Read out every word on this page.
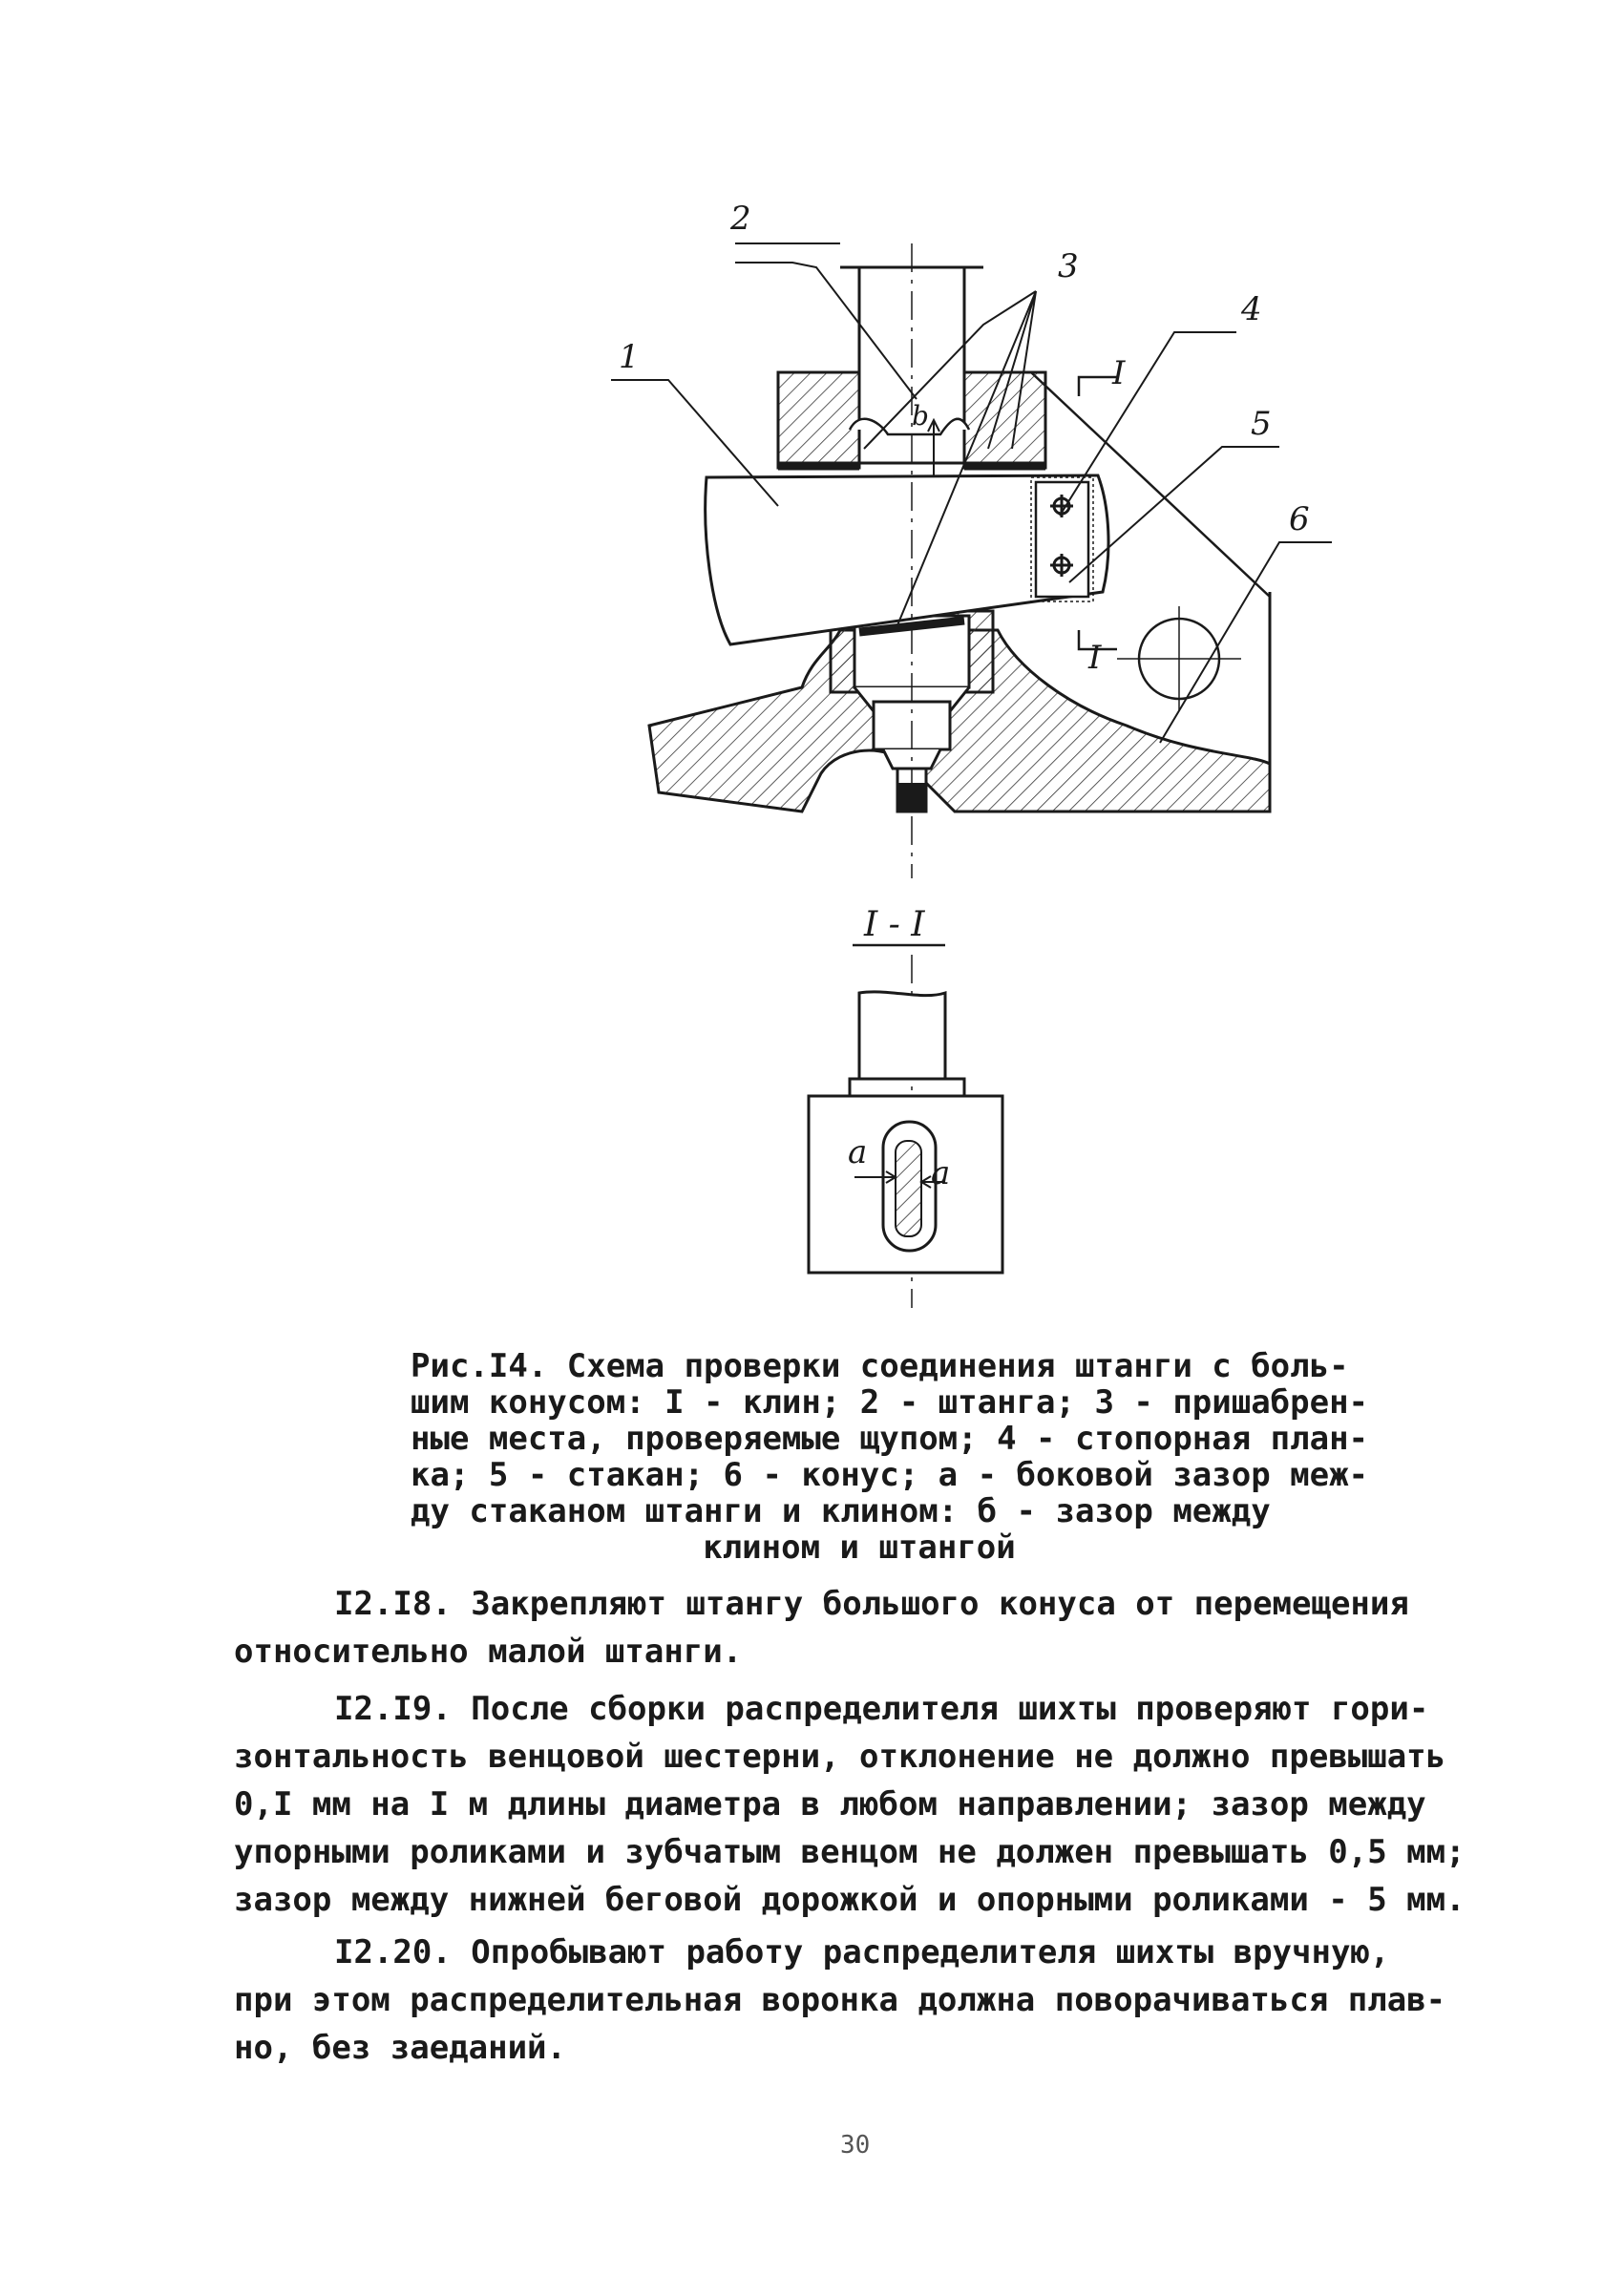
2
3
1
4
5
6
I
I
b
I - I
a
a
Рис.I4. Схема проверки соединения штанги с боль-
шим конусом: I - клин; 2 - штанга; 3 - пришабрен-
ные места, проверяемые щупом; 4 - стопорная план-
ка; 5 - стакан; 6 - конус; a - боковой зазор меж-
ду стаканом штанги и клином: б - зазор между
клином и штангой
I2.I8. Закрепляют штангу большого конуса от перемещения
относительно малой штанги.
I2.I9. После сборки распределителя шихты проверяют гори-
зонтальность венцовой шестерни, отклонение не должно превышать
0,I мм на I м длины диаметра в любом направлении; зазор между
упорными роликами и зубчатым венцом не должен превышать 0,5 мм;
зазор между нижней беговой дорожкой и опорными роликами - 5 мм.
I2.20. Опробывают работу распределителя шихты вручную,
при этом распределительная воронка должна поворачиваться плав-
но, без заеданий.
30
